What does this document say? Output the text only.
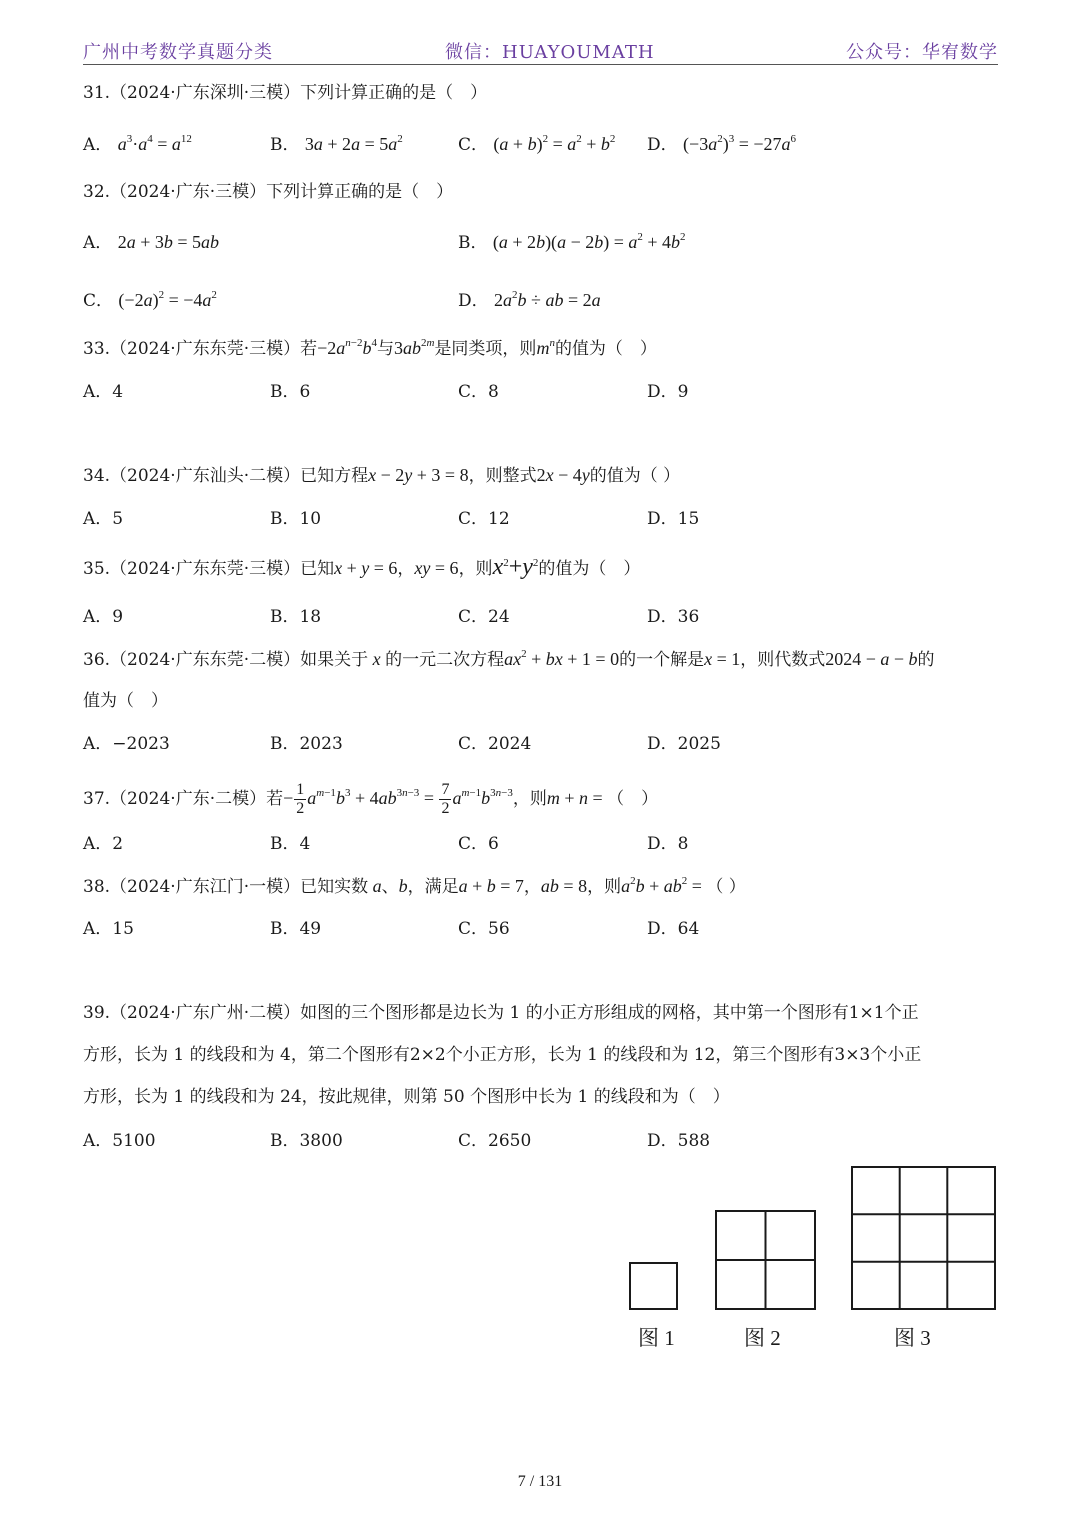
广州中考数学真题分类	微信：HUAYOUMATH	公众号：华宥数学
31.（2024·广东深圳·三模）下列计算正确的是（　）
A． $a^3\cdot a^4 = a^{12}$	B． $3a + 2a = 5a^2$	C． $(a + b)^2 = a^2 + b^2$ D． $(-3a^2)^3 = -27a^6$
32.（2024·广东·三模）下列计算正确的是（　）
A． 2a + 3b = 5ab	B． $(a + 2b)(a - 2b) = a^2 + 4b^2$
C． $(-2a)^2 = -4a^2$	D． $2a^2b$ ÷ ab = 2a
33.（2024·广东东莞·三模）若$-2a^{n-2}b^4$与$3ab^{2m}$是同类项，则$m^n$的值为（　）
A．4	B．6	C．8	D．9
34.（2024·广东汕头·二模）已知方程x − 2y + 3 = 8，则整式2x − 4y的值为（ ）
A．5	B．10	C．12	D．15
35.（2024·广东东莞·三模）已知x + y = 6，xy = 6，则$x^2+y^2$的值为（　）
A．9	B．18	C．24	D．36
36.（2024·广东东莞·二模）如果关于 x 的一元二次方程$ax^2$ + bx + 1 = 0的一个解是x = 1，则代数式2024 − a − b的
值为（　）
A．−2023	B．2023	C．2024	D．2025
37.（2024·广东·二模）若− $\frac{1}{2} a^{m-1}b^3 + 4ab^{3n-3} = \frac{7}{2} a^{m-1}b^{3n-3}$，则m + n = （　）
A．2	B．4	C．6	D．8
38.（2024·广东江门·一模）已知实数 a、b，满足a + b = 7，ab = 8，则$a^2b + ab^2$ = （ ）
A．15	B．49	C．56	D．64
39.（2024·广东广州·二模）如图的三个图形都是边长为 1 的小正方形组成的网格，其中第一个图形有1×1个正
方形，长为 1 的线段和为 4，第二个图形有2×2个小正方形，长为 1 的线段和为 12，第三个图形有3×3个小正
方形，长为 1 的线段和为 24，按此规律，则第 50 个图形中长为 1 的线段和为（　）
A．5100	B．3800	C．2650	D．588
图 1	图 2	图 3
7 / 131
